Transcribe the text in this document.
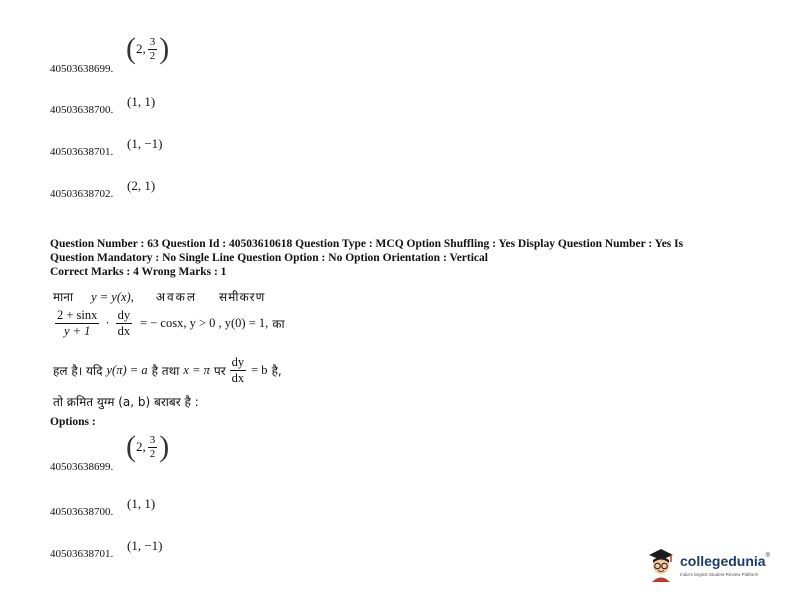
( 2, $\frac{3}{2}$ )
40503638699.
(1, 1)
40503638700.
(1, −1)
40503638701.
(2, 1)
40503638702.
Question Number : 63 Question Id : 40503610618 Question Type : MCQ Option Shuffling : Yes Display Question Number : Yes Is
Question Mandatory : No Single Line Question Option : No Option Orientation : Vertical
Correct Marks : 4 Wrong Marks : 1
माना y = y(x), अवकल समीकरण
$\frac{2 + \sin x}{y + 1} \cdot \frac{dy}{dx}$ = − cosx, y > 0 , y(0) = 1, का
हल है। यदि y(π) = a है तथा x = π पर $\frac{dy}{dx} = b$ है,
तो क्रमित युग्म (a, b) बराबर है :
Options :
( 2, $\frac{3}{2}$ )
40503638699.
(1, 1)
40503638700.
(1, −1)
40503638701.	collegedunia®
India's largest Student Review Platform
